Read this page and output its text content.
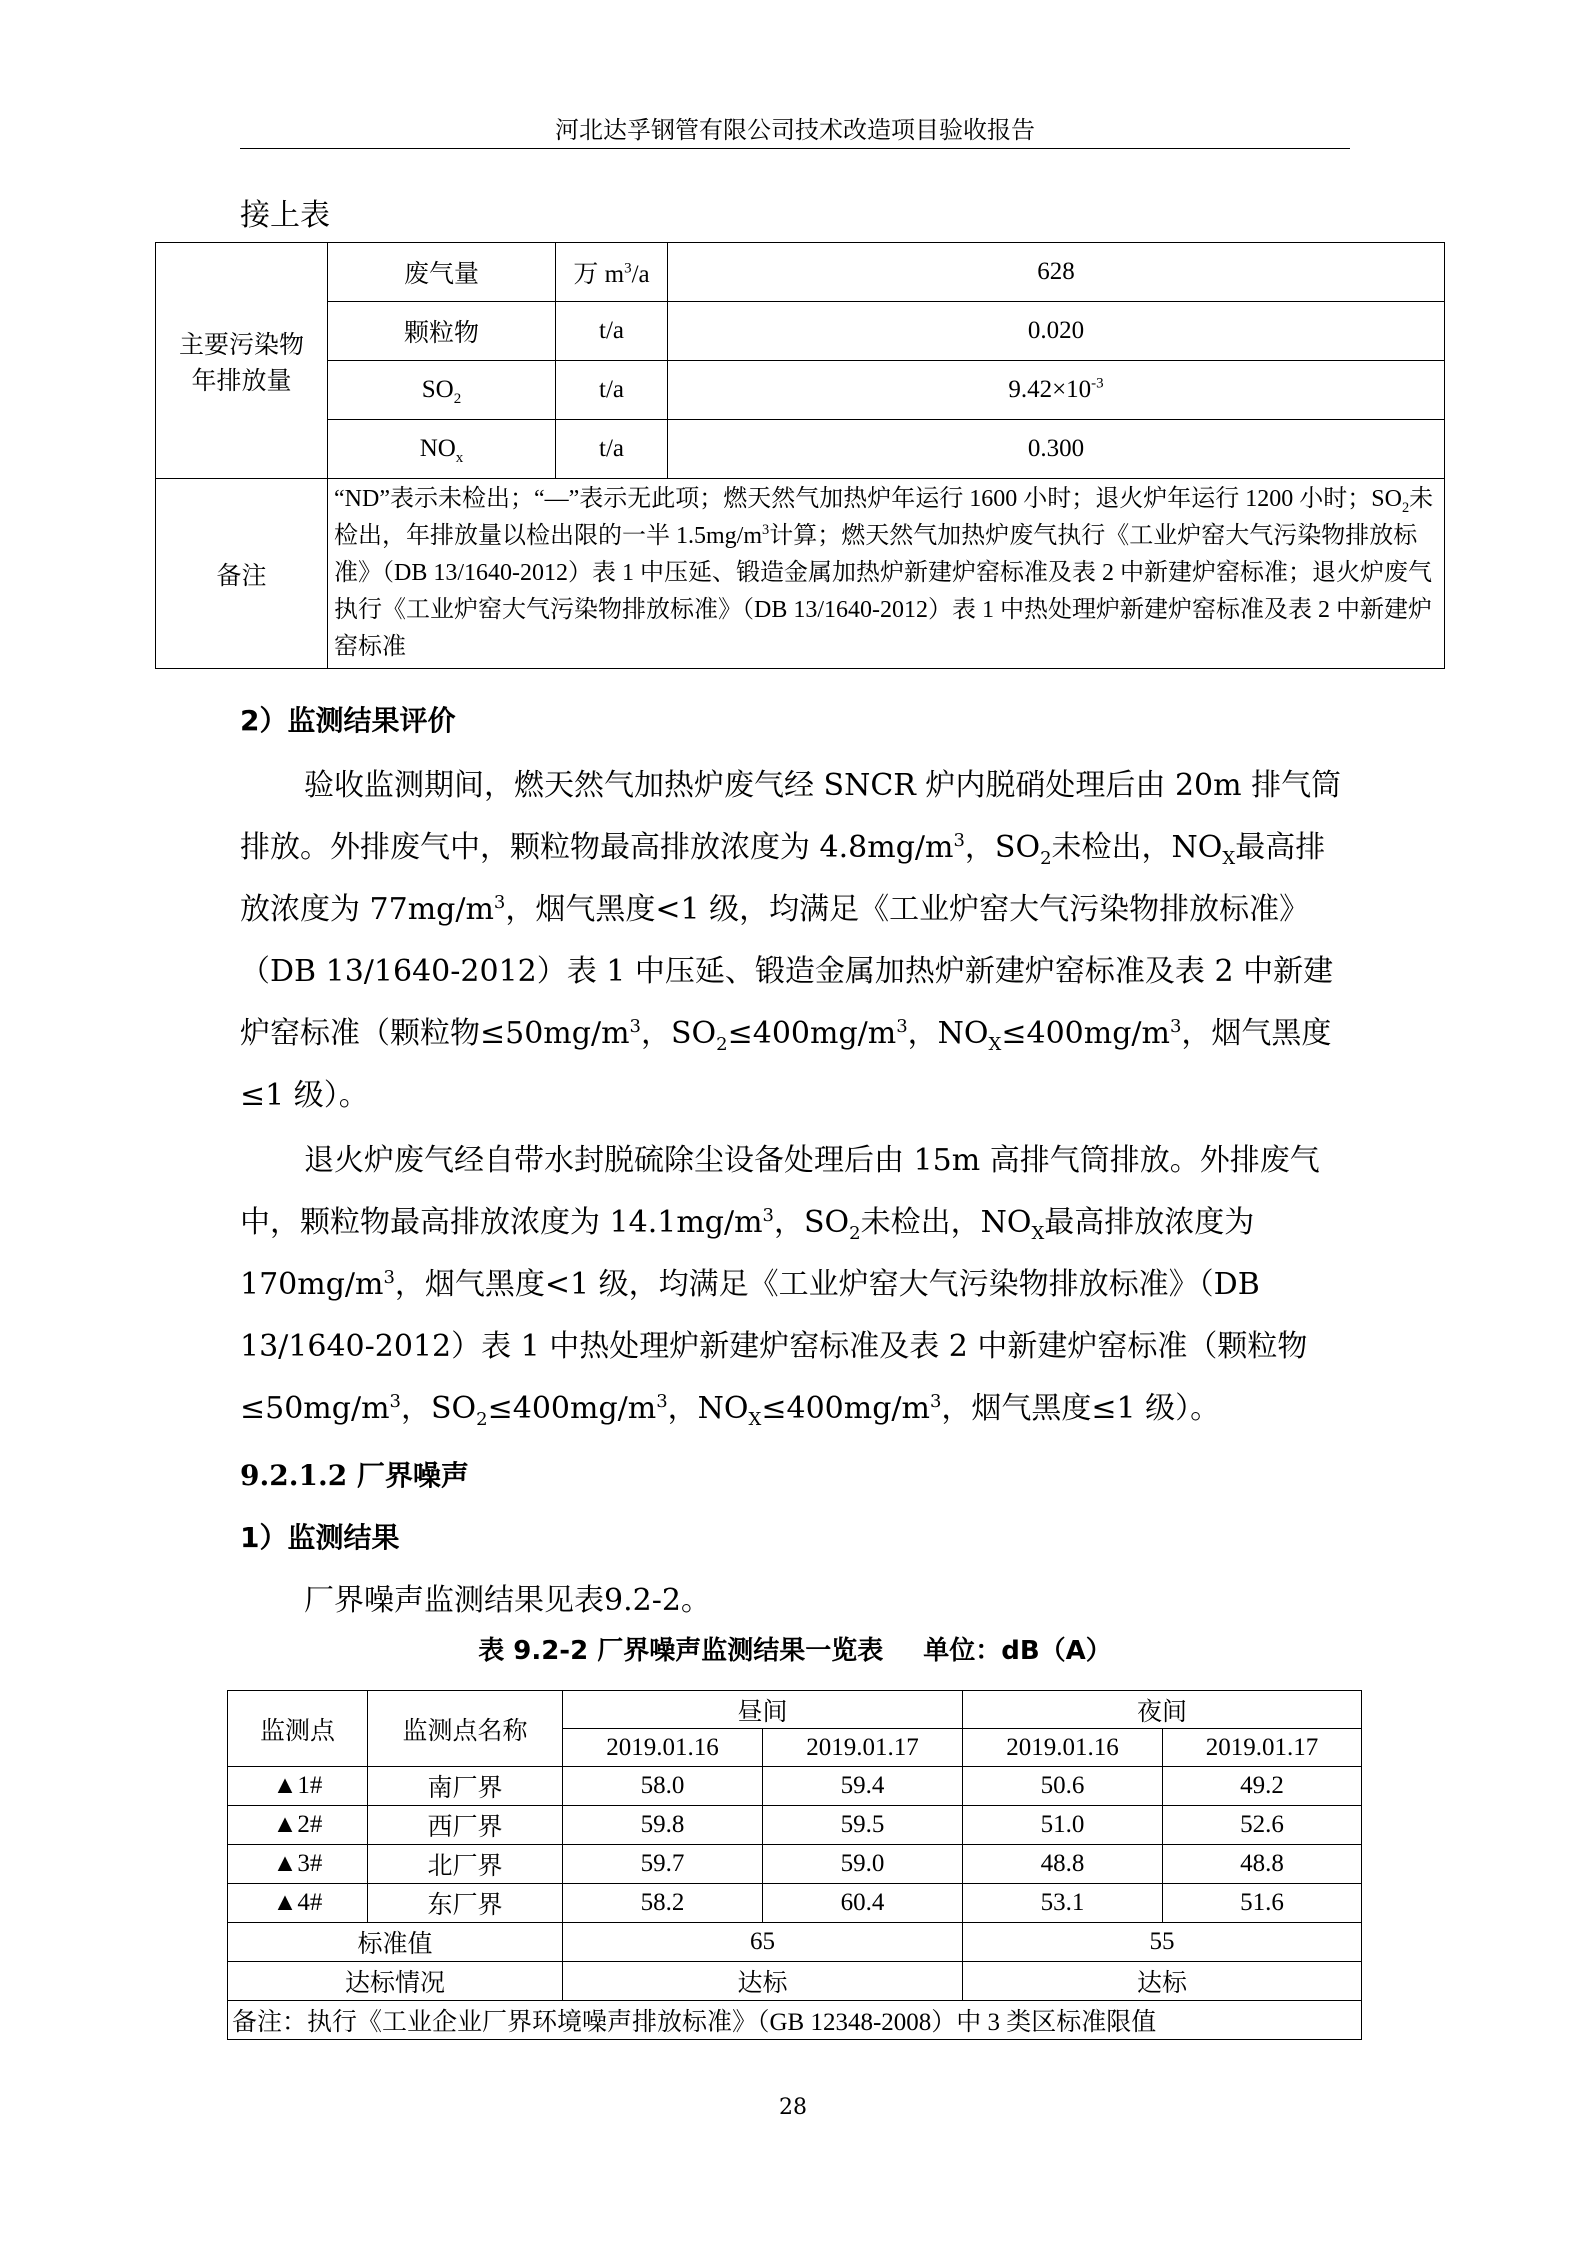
河北达孚钢管有限公司技术改造项目验收报告
接上表
主要污染物
年排放量	废气量	万 $m^3/a$	628
	颗粒物	t/a	0.020
	$SO_2$	t/a	$9.42\times 10^{-3}$
	$NO_x$	t/a	0.300
备注	“ND”表示未检出；“—”表示无此项；燃天然气加热炉年运行 1600 小时；退火炉年运行 1200 小时；$SO_2$未检出，年排放量以检出限的一半 $1.5mg/m^3$计算；燃天然气加热炉废气执行《工业炉窑大气污染物排放标准》（DB 13/1640-2012）表 1 中压延、锻造金属加热炉新建炉窑标准及表 2 中新建炉窑标准；退火炉废气执行《工业炉窑大气污染物排放标准》（DB 13/1640-2012）表 1 中热处理炉新建炉窑标准及表 2 中新建炉窑标准		
2）监测结果评价
验收监测期间，燃天然气加热炉废气经 SNCR 炉内脱硝处理后由 20m 排气筒排放。外排废气中，颗粒物最高排放浓度为 $4.8mg/m^3$，$SO_2$未检出，$NO_X$最高排放浓度为 $77mg/m^3$，烟气黑度<1 级，均满足《工业炉窑大气污染物排放标准》（DB 13/1640-2012）表 1 中压延、锻造金属加热炉新建炉窑标准及表 2 中新建炉窑标准（颗粒物$\le 50mg/m^3$，$SO_2\le 400mg/m^3$，$NO_X\le 400mg/m^3$，烟气黑度≤1 级）。
退火炉废气经自带水封脱硫除尘设备处理后由 15m 高排气筒排放。外排废气中，颗粒物最高排放浓度为 $14.1mg/m^3$，$SO_2$未检出，$NO_X$最高排放浓度为 $170mg/m^3$，烟气黑度<1 级，均满足《工业炉窑大气污染物排放标准》（DB 13/1640-2012）表 1 中热处理炉新建炉窑标准及表 2 中新建炉窑标准（颗粒物$\le 50mg/m^3$，$SO_2\le 400mg/m^3$，$NO_X\le 400mg/m^3$，烟气黑度≤1 级）。
9.2.1.2 厂界噪声
1）监测结果
厂界噪声监测结果见表9.2-2。
表 9.2-2 厂界噪声监测结果一览表 单位：dB（A）
监测点	监测点名称	昼间		夜间	
		2019.01.16	2019.01.17	2019.01.16	2019.01.17
▲1#	南厂界	58.0	59.4	50.6	49.2
▲2#	西厂界	59.8	59.5	51.0	52.6
▲3#	北厂界	59.7	59.0	48.8	48.8
▲4#	东厂界	58.2	60.4	53.1	51.6
标准值		65		55	
达标情况		达标		达标	
备注：执行《工业企业厂界环境噪声排放标准》（GB 12348-2008）中 3 类区标准限值					
28
